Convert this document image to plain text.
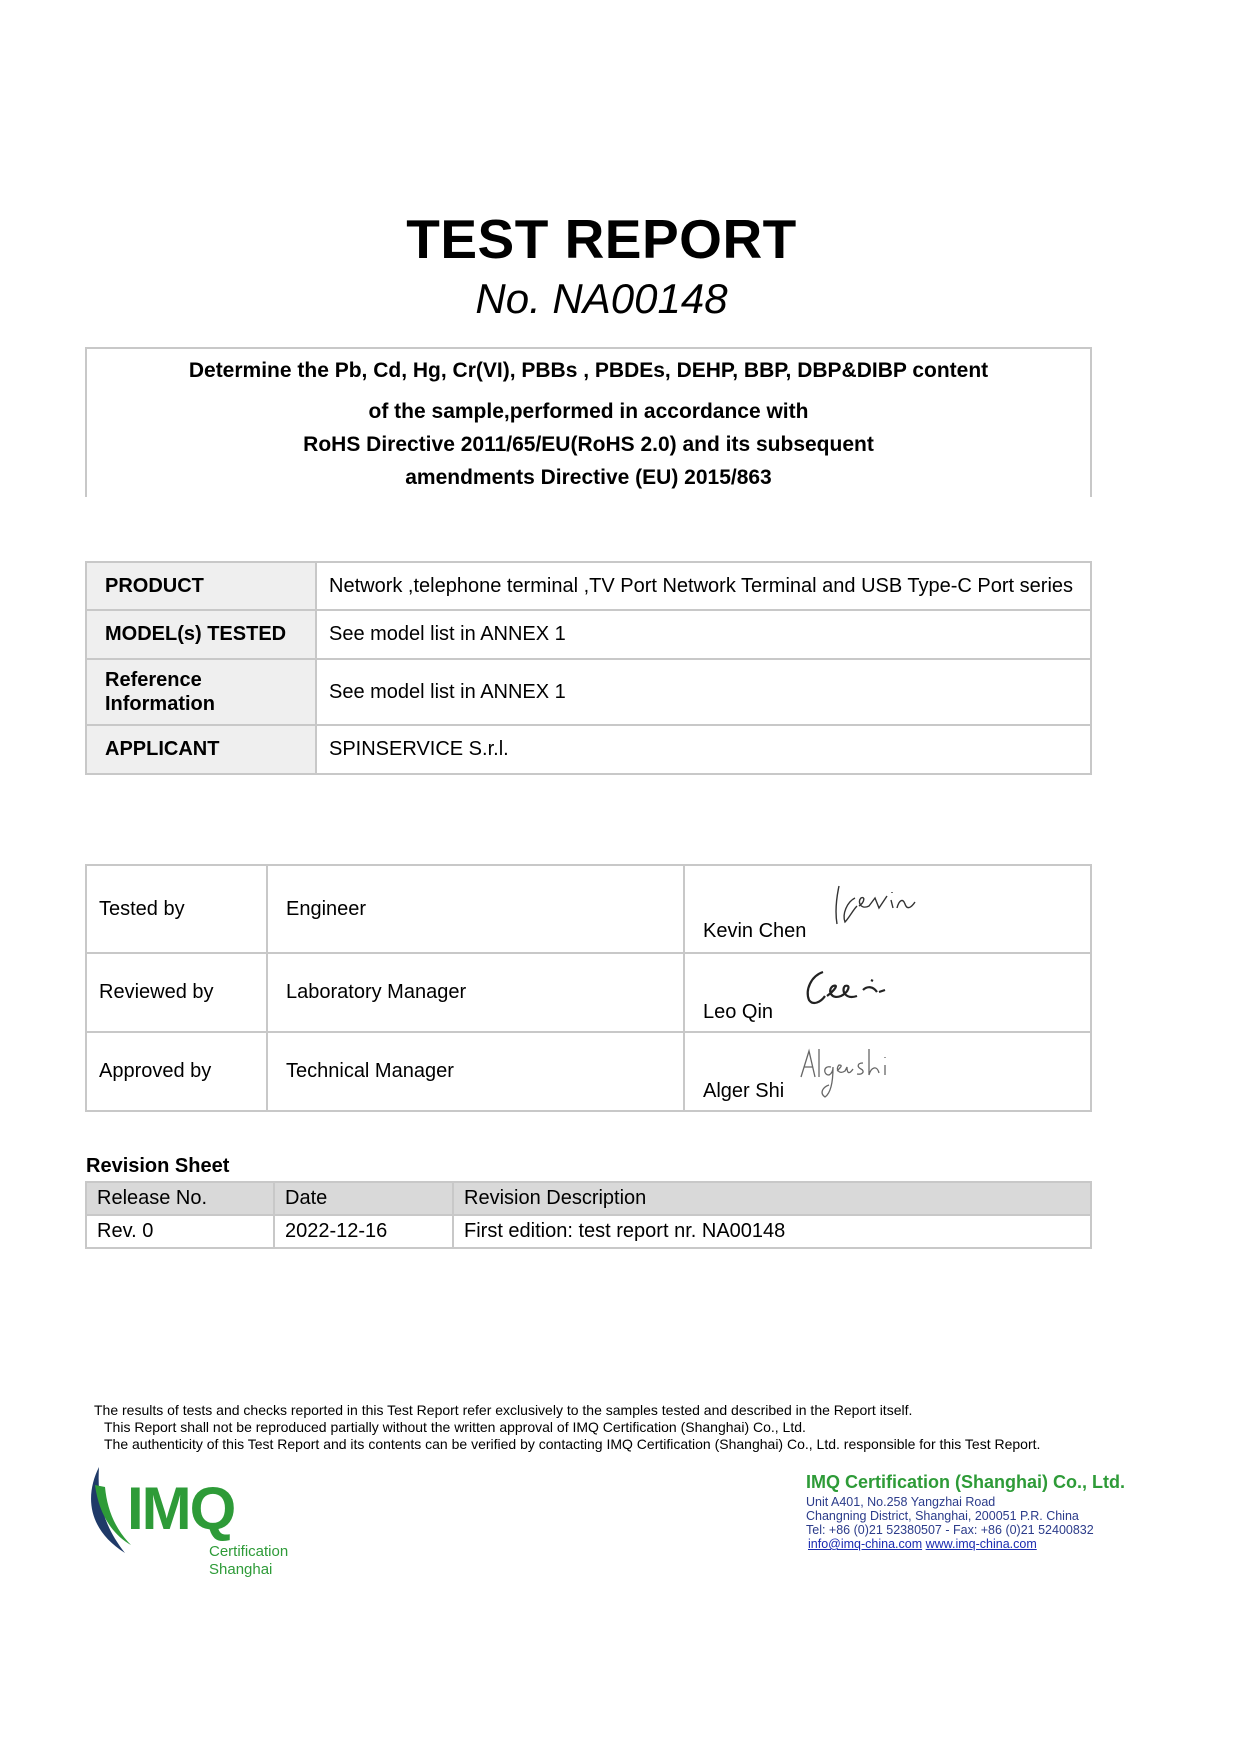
TEST REPORT
No. NA00148
Determine the Pb, Cd, Hg, Cr(VI), PBBs , PBDEs, DEHP, BBP, DBP&DIBP content
of the sample,performed in accordance with
RoHS Directive 2011/65/EU(RoHS 2.0) and its subsequent
amendments Directive (EU) 2015/863
PRODUCT	Network ,telephone terminal ,TV Port Network Terminal and USB Type-C Port series
MODEL(s) TESTED	See model list in ANNEX 1
Reference Information	See model list in ANNEX 1
APPLICANT	SPINSERVICE S.r.l.
Tested by	Engineer	Kevin Chen

Reviewed by	Laboratory Manager	Leo Qin

Approved by	Technical Manager	Alger Shi
Revision Sheet
Release No.	Date	Revision Description
Rev. 0	2022-12-16	First edition: test report nr. NA00148
The results of tests and checks reported in this Test Report refer exclusively to the samples tested and described in the Report itself.
This Report shall not be reproduced partially without the written approval of IMQ Certification (Shanghai) Co., Ltd.
The authenticity of this Test Report and its contents can be verified by contacting IMQ Certification (Shanghai) Co., Ltd. responsible for this Test Report.
IMQ
Certification
Shanghai
IMQ Certification (Shanghai) Co., Ltd.
Unit A401, No.258 Yangzhai Road
Changning District, Shanghai, 200051 P.R. China
Tel: +86 (0)21 52380507 - Fax: +86 (0)21 52400832
info@imq-china.com www.imq-china.com
